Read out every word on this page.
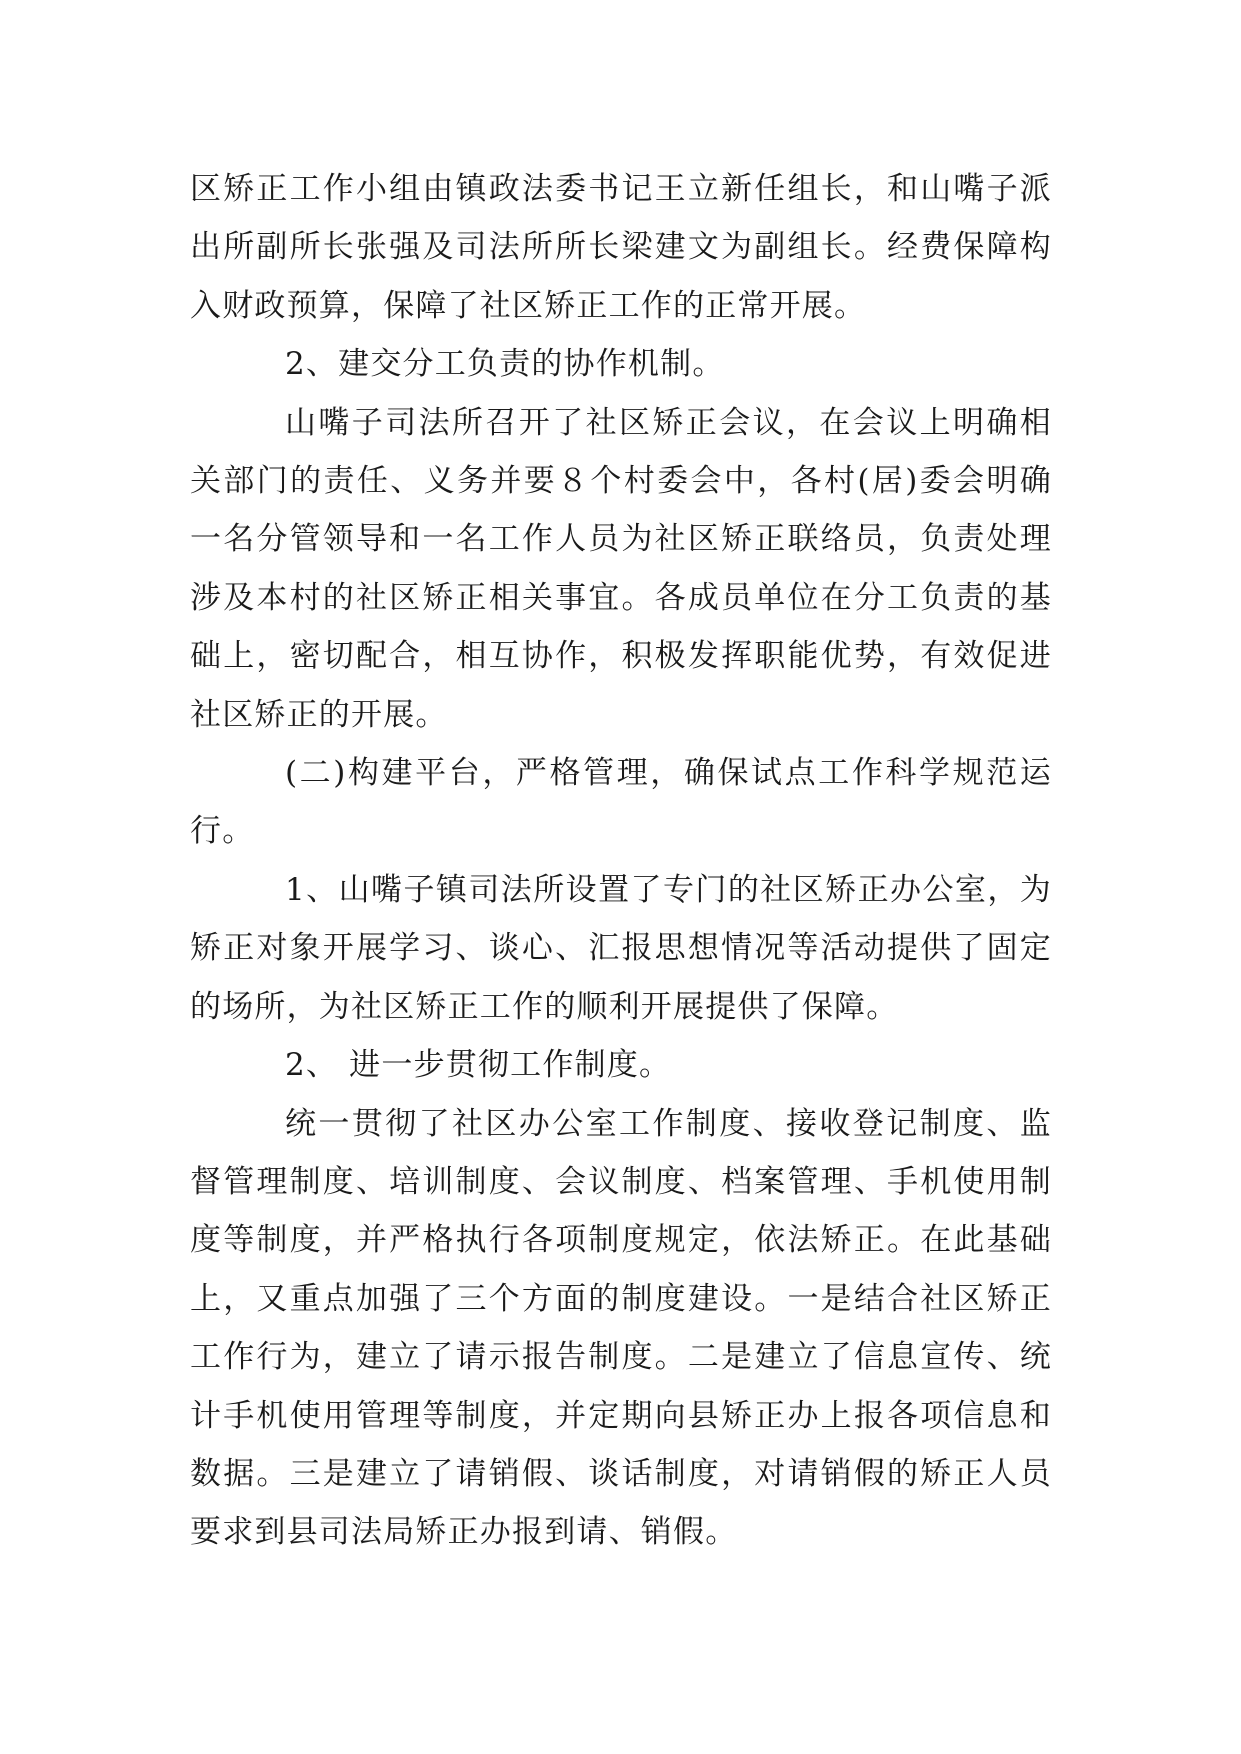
区矫正工作小组由镇政法委书记王立新任组长，和山嘴子派出所副所长张强及司法所所长梁建文为副组长。经费保障构入财政预算，保障了社区矫正工作的正常开展。

2、建交分工负责的协作机制。

山嘴子司法所召开了社区矫正会议，在会议上明确相关部门的责任、义务并要８个村委会中，各村(居)委会明确一名分管领导和一名工作人员为社区矫正联络员，负责处理涉及本村的社区矫正相关事宜。各成员单位在分工负责的基础上，密切配合，相互协作，积极发挥职能优势，有效促进社区矫正的开展。

(二)构建平台，严格管理，确保试点工作科学规范运行。

1、山嘴子镇司法所设置了专门的社区矫正办公室，为矫正对象开展学习、谈心、汇报思想情况等活动提供了固定的场所，为社区矫正工作的顺利开展提供了保障。

2、 进一步贯彻工作制度。

统一贯彻了社区办公室工作制度、接收登记制度、监督管理制度、培训制度、会议制度、档案管理、手机使用制度等制度，并严格执行各项制度规定，依法矫正。在此基础上，又重点加强了三个方面的制度建设。一是结合社区矫正工作行为，建立了请示报告制度。二是建立了信息宣传、统计手机使用管理等制度，并定期向县矫正办上报各项信息和数据。三是建立了请销假、谈话制度，对请销假的矫正人员要求到县司法局矫正办报到请、销假。
